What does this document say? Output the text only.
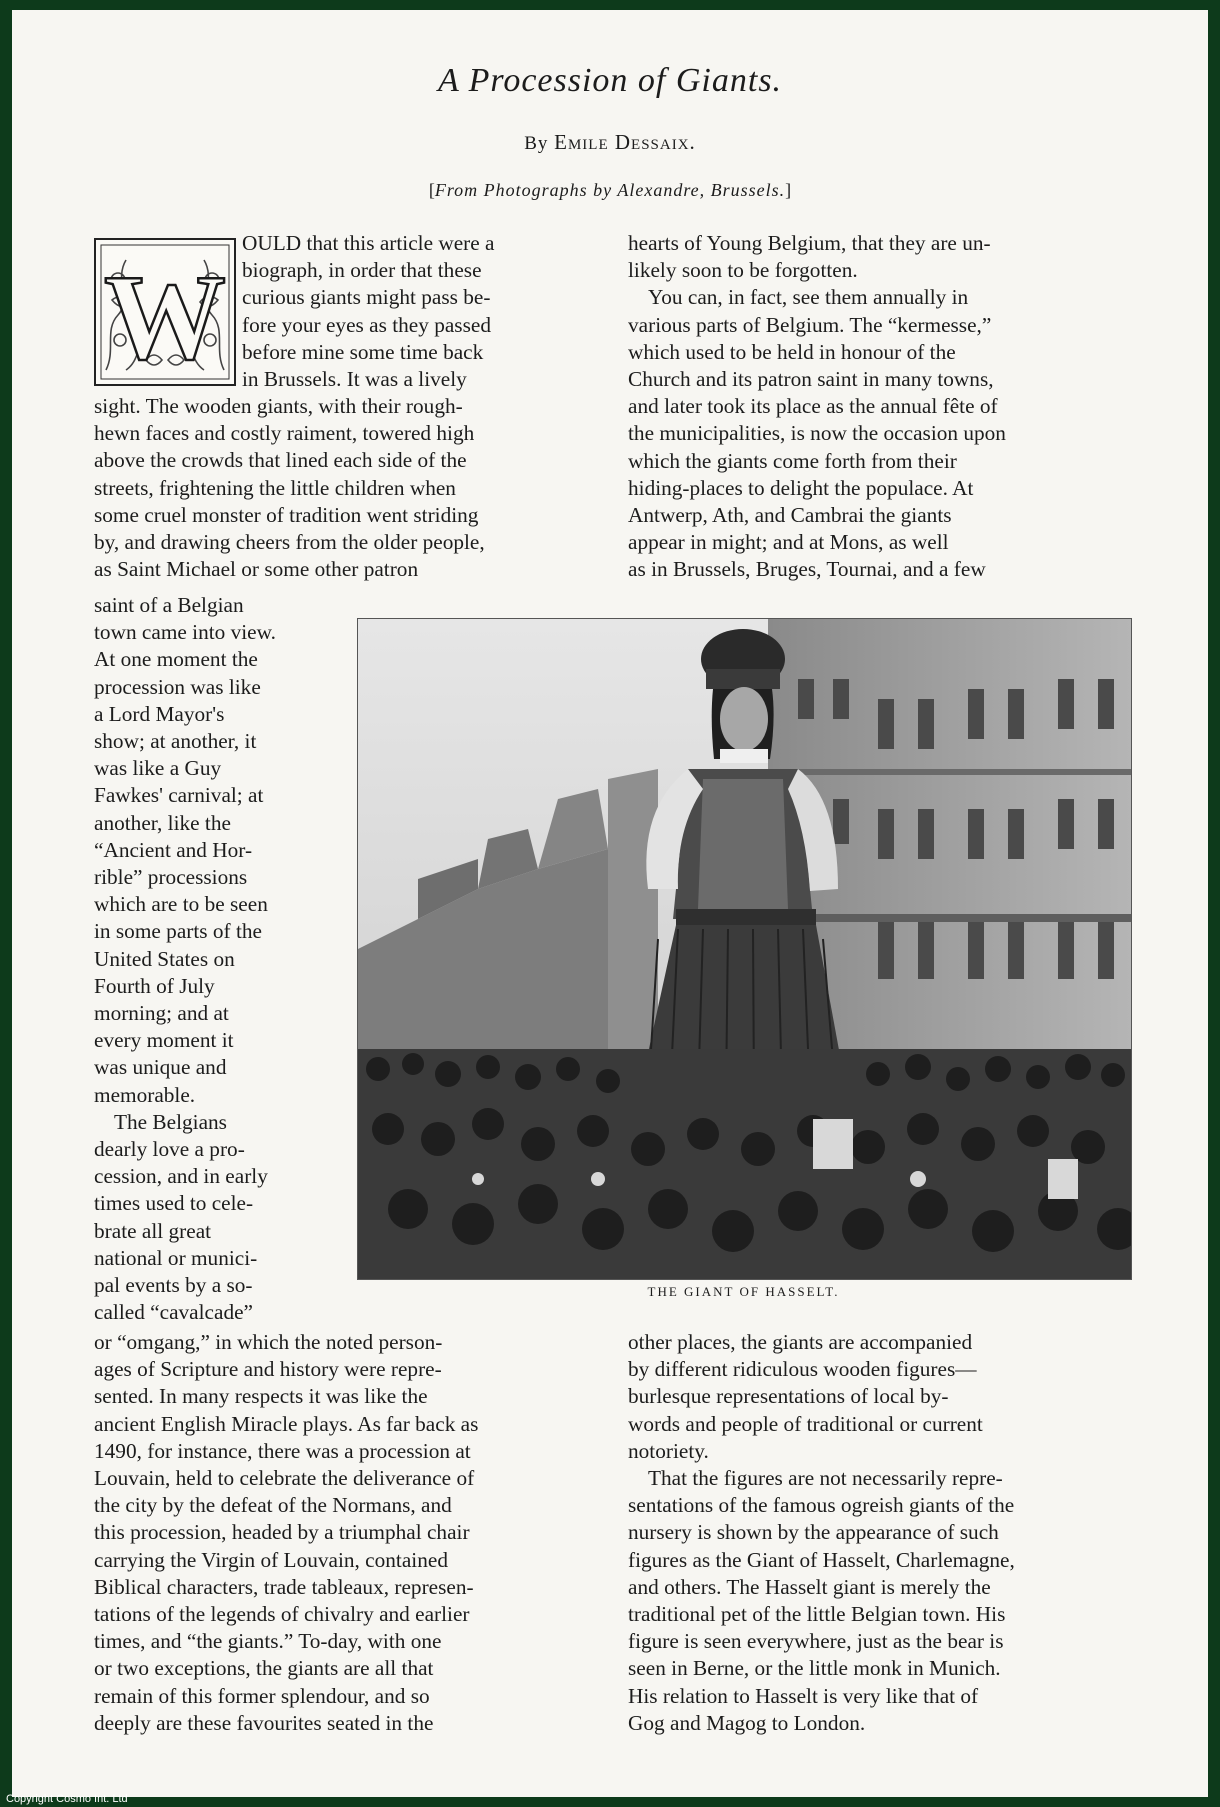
A Procession of Giants.
By Emile Dessaix.
[From Photographs by Alexandre, Brussels.]
W

OULD that this article were a

biograph, in order that these

curious giants might pass be-

fore your eyes as they passed

before mine some time back

in Brussels. It was a lively

sight. The wooden giants, with their rough-

hewn faces and costly raiment, towered high

above the crowds that lined each side of the

streets, frightening the little children when

some cruel monster of tradition went striding

by, and drawing cheers from the older people,

as Saint Michael or some other patron

saint of a Belgian

town came into view.

At one moment the

procession was like

a Lord Mayor's

show; at another, it

was like a Guy

Fawkes' carnival; at

another, like the

“Ancient and Hor-

rible” processions

which are to be seen

in some parts of the

United States on

Fourth of July

morning; and at

every moment it

was unique and

memorable.

The Belgians

dearly love a pro-

cession, and in early

times used to cele-

brate all great

national or munici-

pal events by a so-

called “cavalcade”

or “omgang,” in which the noted person-

ages of Scripture and history were repre-

sented. In many respects it was like the

ancient English Miracle plays. As far back as

1490, for instance, there was a procession at

Louvain, held to celebrate the deliverance of

the city by the defeat of the Normans, and

this procession, headed by a triumphal chair

carrying the Virgin of Louvain, contained

Biblical characters, trade tableaux, represen-

tations of the legends of chivalry and earlier

times, and “the giants.” To-day, with one

or two exceptions, the giants are all that

remain of this former splendour, and so

deeply are these favourites seated in the

hearts of Young Belgium, that they are un-

likely soon to be forgotten.

You can, in fact, see them annually in

various parts of Belgium. The “kermesse,”

which used to be held in honour of the

Church and its patron saint in many towns,

and later took its place as the annual fête of

the municipalities, is now the occasion upon

which the giants come forth from their

hiding-places to delight the populace. At

Antwerp, Ath, and Cambrai the giants

appear in might; and at Mons, as well

as in Brussels, Bruges, Tournai, and a few

THE GIANT OF HASSELT.

other places, the giants are accompanied

by different ridiculous wooden figures—

burlesque representations of local by-

words and people of traditional or current

notoriety.

That the figures are not necessarily repre-

sentations of the famous ogreish giants of the

nursery is shown by the appearance of such

figures as the Giant of Hasselt, Charlemagne,

and others. The Hasselt giant is merely the

traditional pet of the little Belgian town. His

figure is seen everywhere, just as the bear is

seen in Berne, or the little monk in Munich.

His relation to Hasselt is very like that of

Gog and Magog to London.

Copyright Cosmo Int. Ltd
